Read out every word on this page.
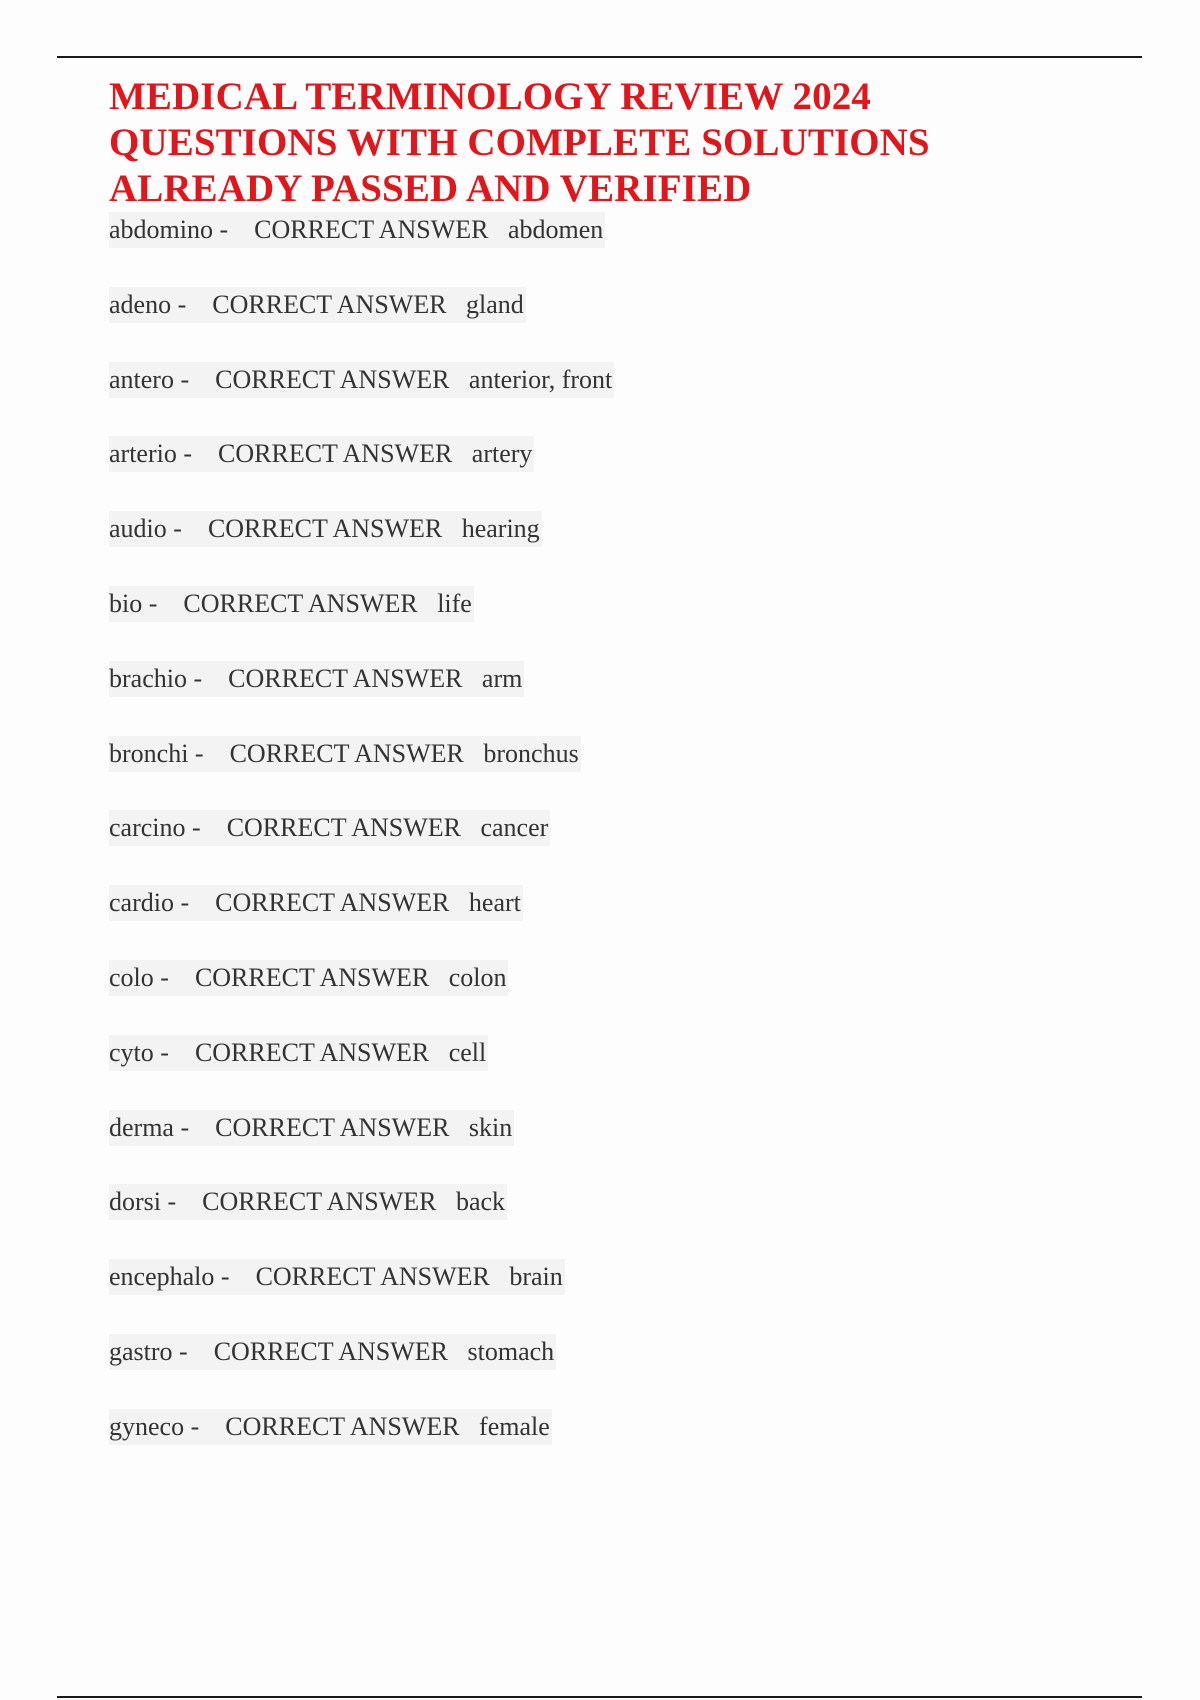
MEDICAL TERMINOLOGY REVIEW 2024
QUESTIONS WITH COMPLETE SOLUTIONS
ALREADY PASSED AND VERIFIED
abdomino -    CORRECT ANSWER abdomen
adeno -    CORRECT ANSWER gland
antero -    CORRECT ANSWER anterior, front
arterio -    CORRECT ANSWER artery
audio -    CORRECT ANSWER hearing
bio -    CORRECT ANSWER life
brachio -    CORRECT ANSWER arm
bronchi -    CORRECT ANSWER bronchus
carcino -    CORRECT ANSWER cancer
cardio -    CORRECT ANSWER heart
colo -    CORRECT ANSWER colon
cyto -    CORRECT ANSWER cell
derma -    CORRECT ANSWER skin
dorsi -    CORRECT ANSWER back
encephalo -    CORRECT ANSWER brain
gastro -    CORRECT ANSWER stomach
gyneco -    CORRECT ANSWER female
